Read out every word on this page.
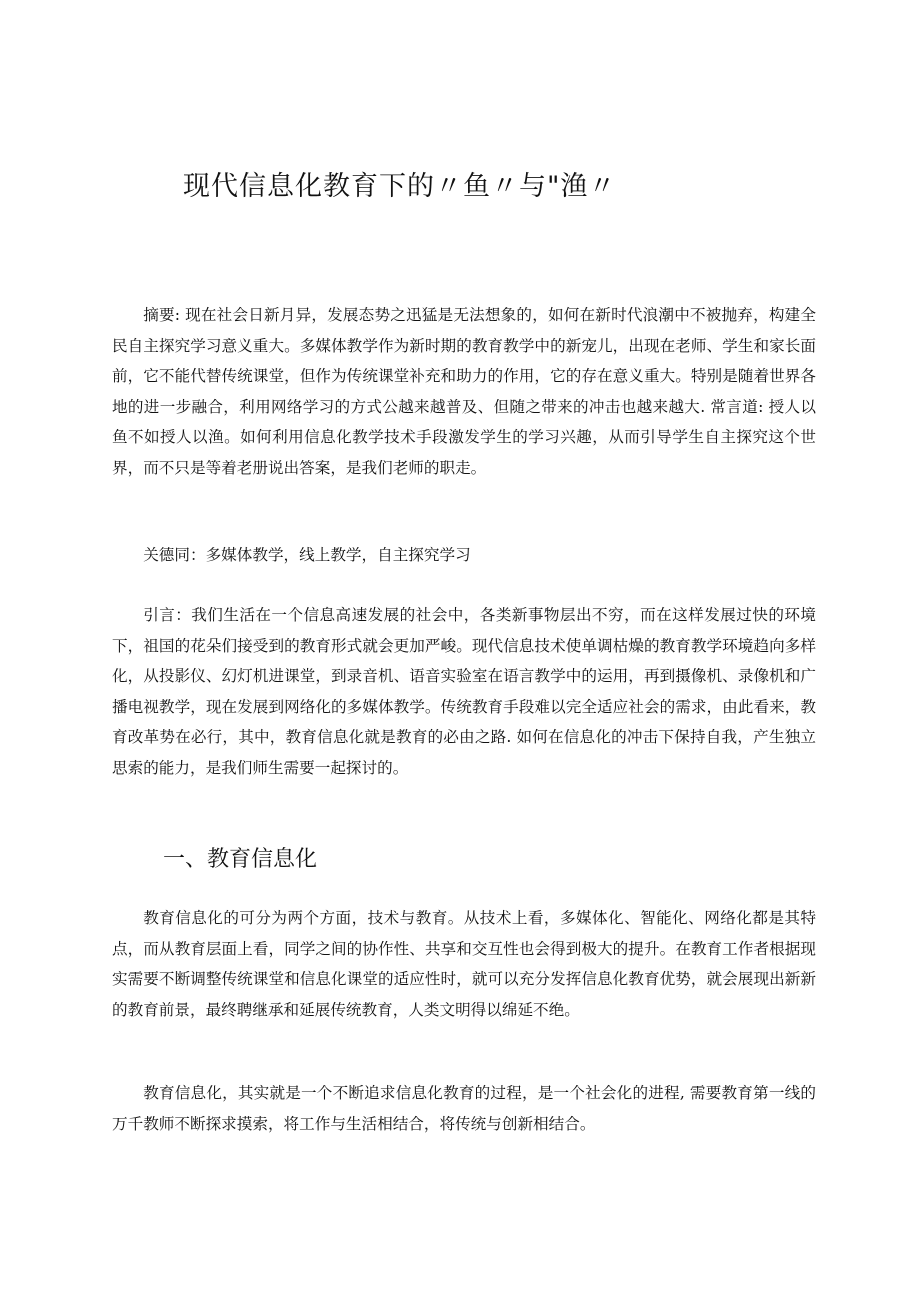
现代信息化教育下的〃鱼〃与"渔〃

摘要: 现在社会日新月异，发展态势之迅猛是无法想象的，如何在新时代浪潮中不被抛弃，构建全民自主探究学习意义重大。多媒体教学作为新时期的教育教学中的新宠儿，出现在老师、学生和家长面前，它不能代替传统课堂，但作为传统课堂补充和助力的作用，它的存在意义重大。特别是随着世界各地的进一步融合，利用网络学习的方式公越来越普及、但随之带来的冲击也越来越大. 常言道: 授人以鱼不如授人以渔。如何利用信息化教学技术手段激发学生的学习兴趣，从而引导学生自主探究这个世界，而不只是等着老册说出答案，是我们老师的职走。

关德同：多媒体教学，线上教学，自主探究学习

引言：我们生活在一个信息高速发展的社会中，各类新事物层出不穷，而在这样发展过快的环境下，祖国的花朵们接受到的教育形式就会更加严峻。现代信息技术使单调枯燥的教育教学环境趋向多样化，从投影仪、幻灯机进课堂，到录音机、语音实验室在语言教学中的运用，再到摄像机、录像机和广播电视教学，现在发展到网络化的多媒体教学。传统教育手段难以完全适应社会的需求，由此看来，教育改革势在必行，其中，教育信息化就是教育的必由之路. 如何在信息化的冲击下保持自我，产生独立思索的能力，是我们师生需要一起探讨的。

一、教育信息化

教育信息化的可分为两个方面，技术与教育。从技术上看，多媒体化、智能化、网络化都是其特点，而从教育层面上看，同学之间的协作性、共享和交互性也会得到极大的提升。在教育工作者根据现实需要不断调整传统课堂和信息化课堂的适应性时，就可以充分发挥信息化教育优势，就会展现出新新的教育前景，最终聘继承和延展传统教育，人类文明得以绵延不绝。

教育信息化，其实就是一个不断追求信息化教育的过程，是一个社会化的进程, 需要教育第一线的万千教师不断探求摸索，将工作与生活相结合，将传统与创新相结合。
